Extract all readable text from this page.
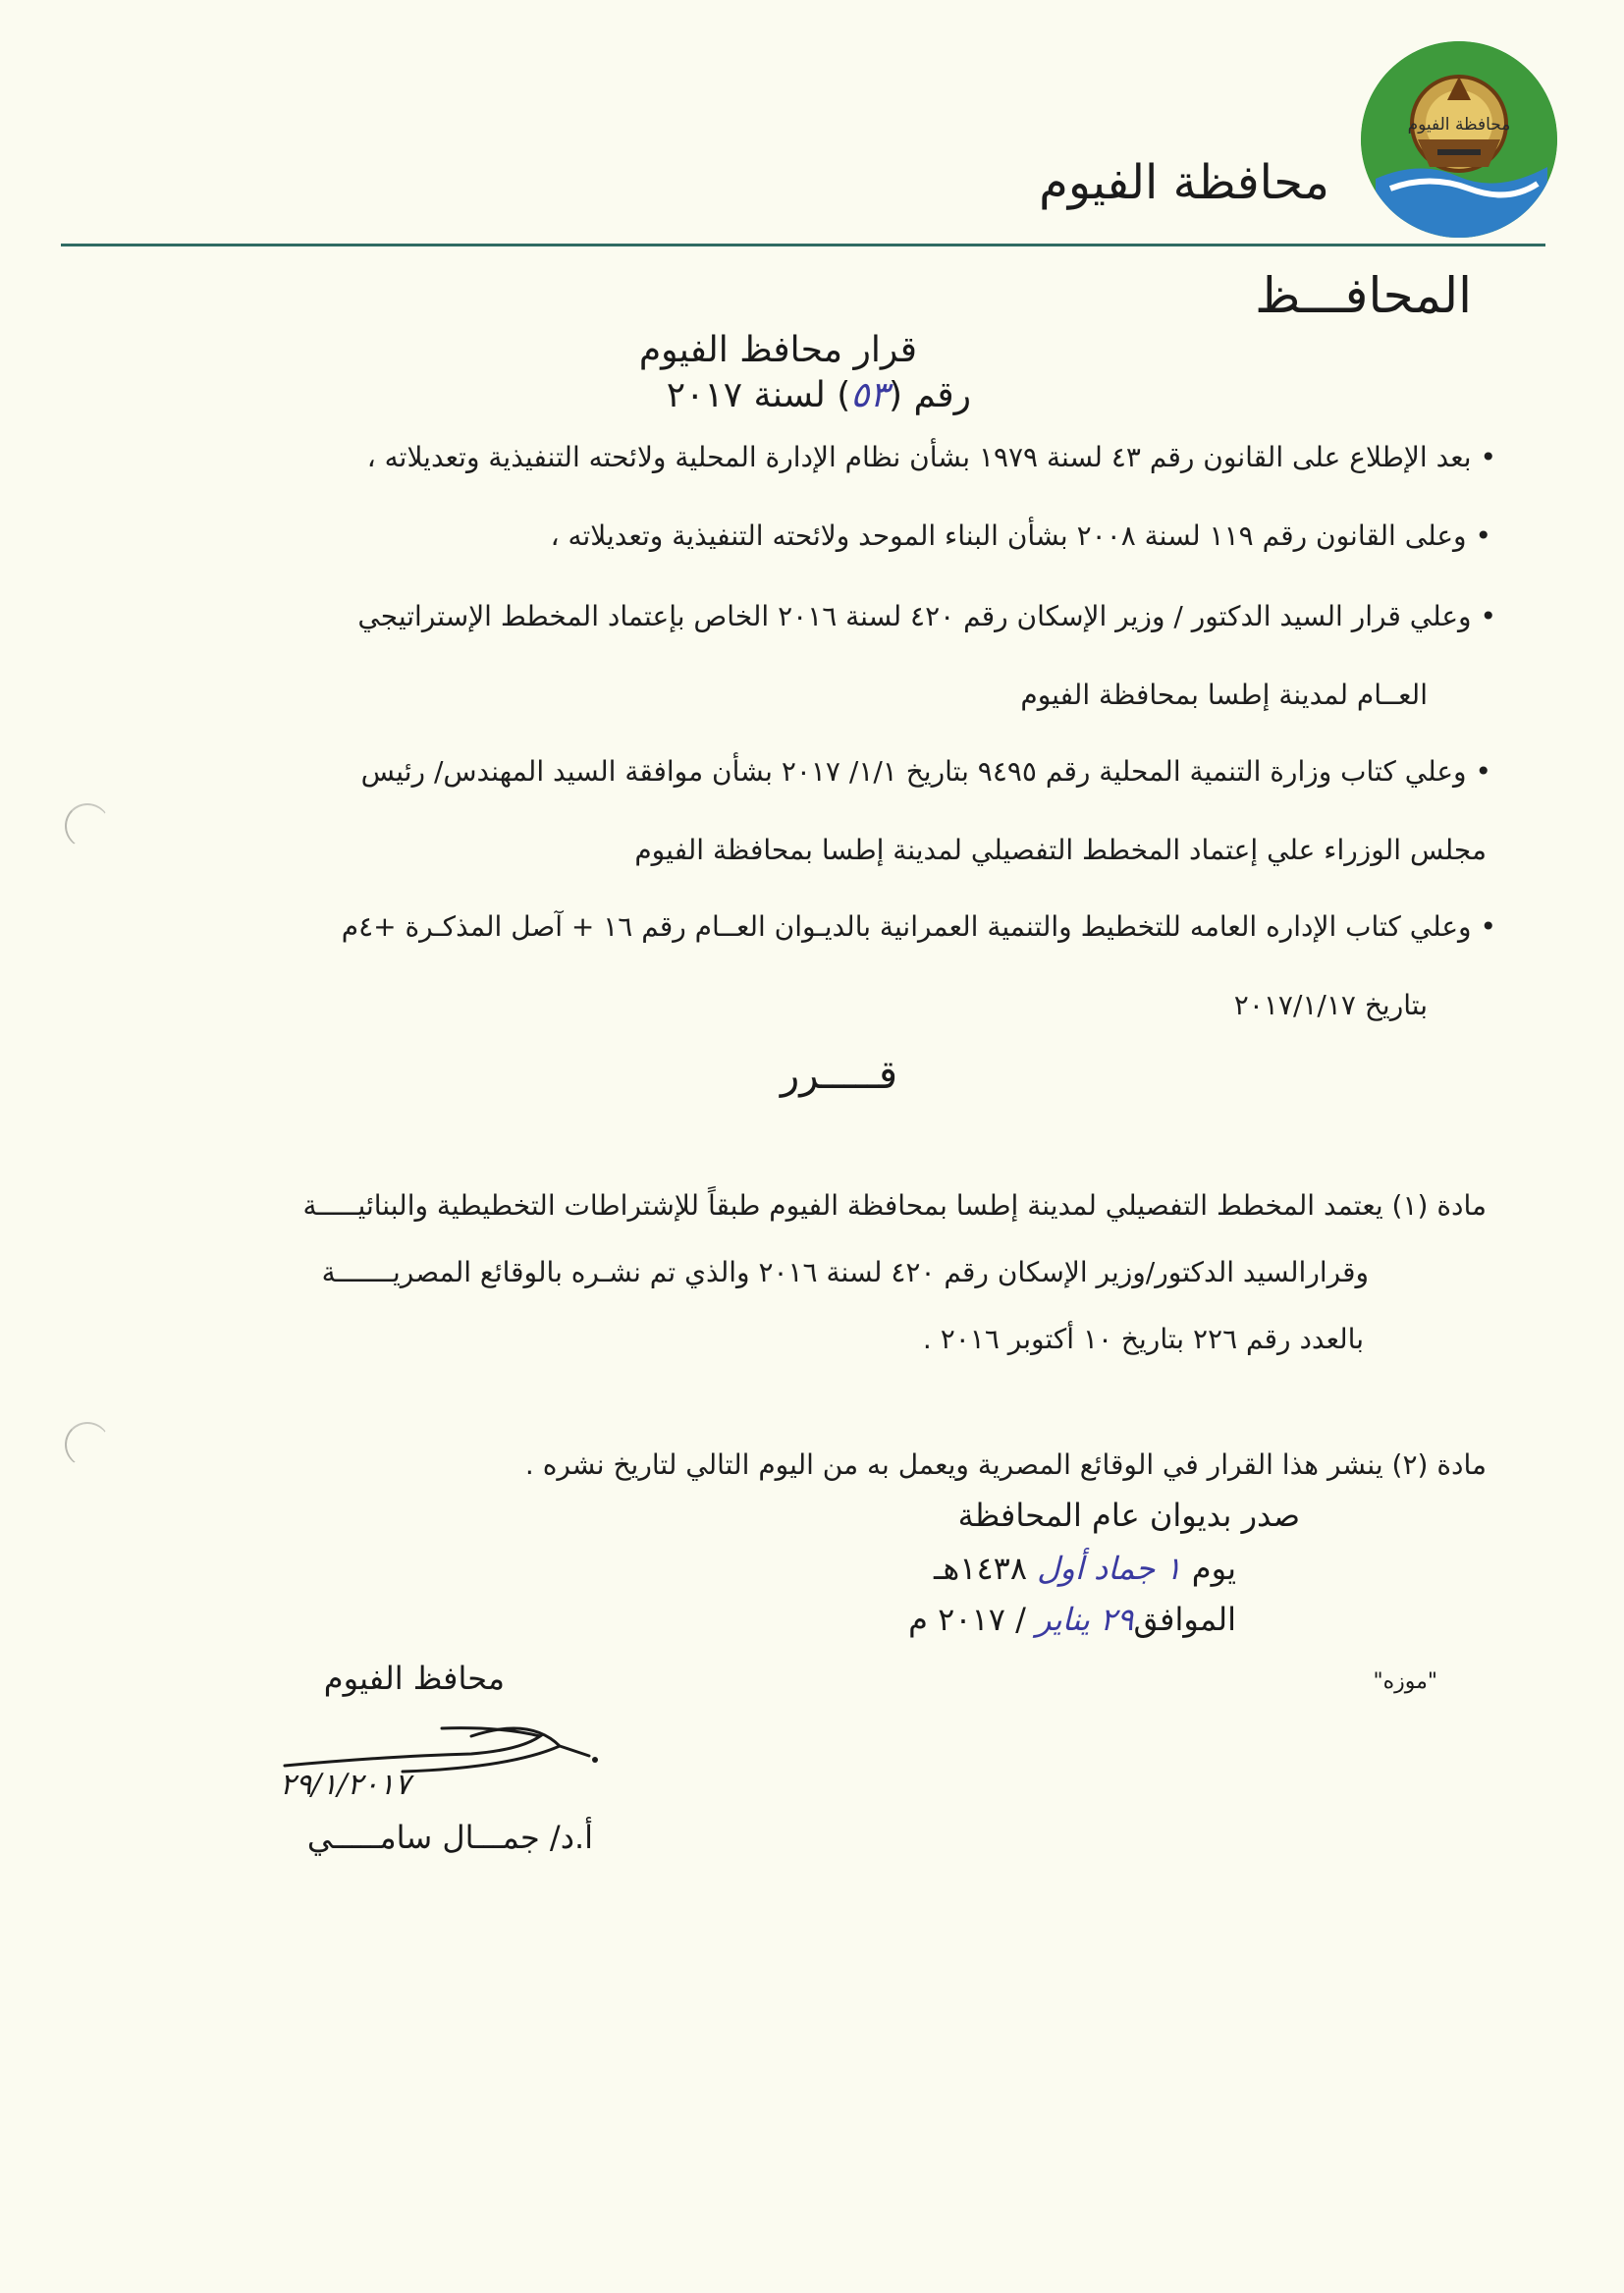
محافظة الفيوم
محافظة الفيوم
المحافـــظ
قرار محافظ الفيوم
رقم (٥٣) لسنة ٢٠١٧
• بعد الإطلاع على القانون رقم ٤٣ لسنة ١٩٧٩ بشأن نظام الإدارة المحلية ولائحته التنفيذية وتعديلاته ،
• وعلى القانون رقم ١١٩ لسنة ٢٠٠٨ بشأن البناء الموحد ولائحته التنفيذية وتعديلاته ،
• وعلي قرار السيد الدكتور / وزير الإسكان رقم ٤٢٠ لسنة ٢٠١٦ الخاص بإعتماد المخطط الإستراتيجي
العــام لمدينة إطسا بمحافظة الفيوم
• وعلي كتاب وزارة التنمية المحلية رقم ٩٤٩٥ بتاريخ ١/١/ ٢٠١٧ بشأن موافقة السيد المهندس/ رئيس
مجلس الوزراء علي إعتماد المخطط التفصيلي لمدينة إطسا بمحافظة الفيوم
• وعلي كتاب الإداره العامه للتخطيط والتنمية العمرانية بالديـوان العــام رقم ١٦ + آصل المذكـرة +٤م
بتاريخ ٢٠١٧/١/١٧
قـــــرر
مادة (١) يعتمد المخطط التفصيلي لمدينة إطسا بمحافظة الفيوم طبقاً للإشتراطات التخطيطية والبنائيـــــة
وقرارالسيد الدكتور/وزير الإسكان رقم ٤٢٠ لسنة ٢٠١٦ والذي تم نشـره بالوقائع المصريـــــــة
بالعدد رقم ٢٢٦ بتاريخ ١٠ أكتوبر ٢٠١٦ .
مادة (٢) ينشر هذا القرار في الوقائع المصرية ويعمل به من اليوم التالي لتاريخ نشره .
صدر بديوان عام المحافظة
يوم ١ جماد أول ١٤٣٨هـ
الموافق٢٩ يناير / ٢٠١٧ م
"موزه"
محافظ الفيوم
٢٩/١/٢٠١٧
أ.د/ جمـــال سامـــــي
